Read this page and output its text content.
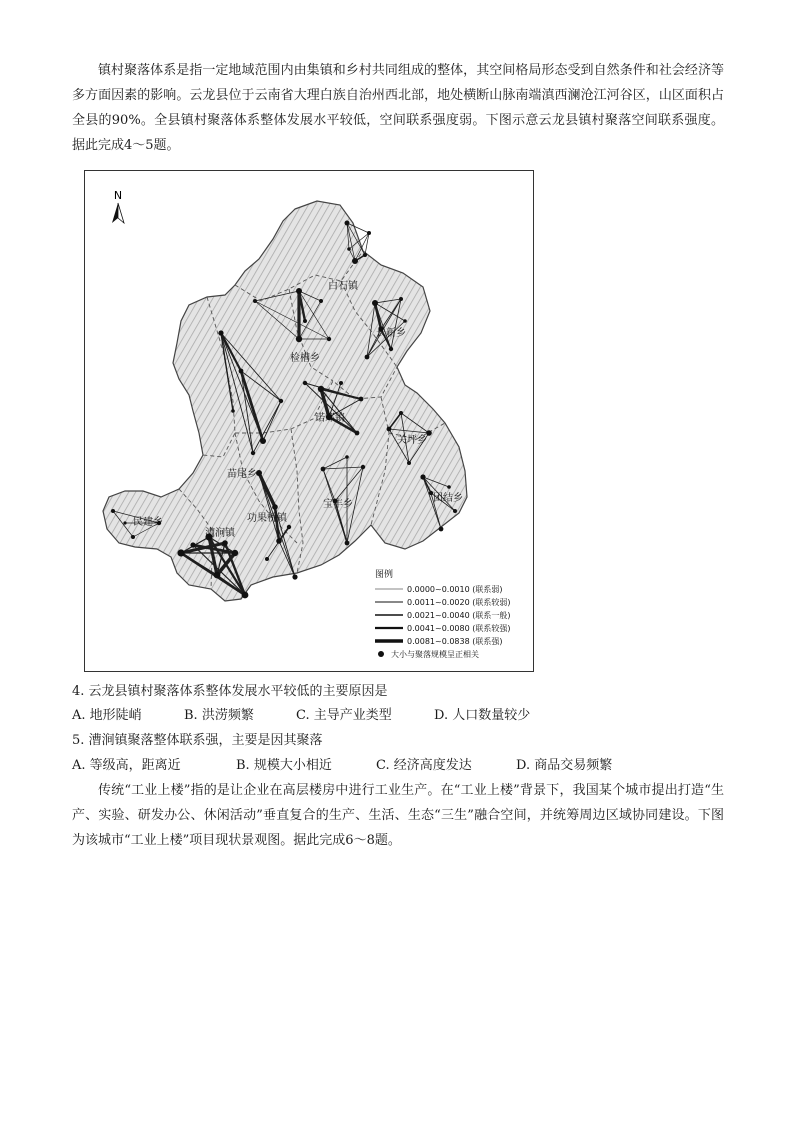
镇村聚落体系是指一定地域范围内由集镇和乡村共同组成的整体，其空间格局形态受到自然条件和社会经济等多方面因素的影响。云龙县位于云南省大理白族自治州西北部，地处横断山脉南端滇西澜沧江河谷区，山区面积占全县的90%。全县镇村聚落体系整体发展水平较低，空间联系强度弱。下图示意云龙县镇村聚落空间联系强度。据此完成4～5题。

N
白石镇
检槽乡
长新乡
诺邓镇
关坪乡
苗尾乡
宝丰乡
团结乡
民建乡
漕涧镇
功果桥镇
图例
0.0000~0.0010 (联系弱)
0.0011~0.0020 (联系较弱)
0.0021~0.0040 (联系一般)
0.0041~0.0080 (联系较强)
0.0081~0.0838 (联系强)
大小与聚落规模呈正相关

4. 云龙县镇村聚落体系整体发展水平较低的主要原因是

A. 地形陡峭	B. 洪涝频繁	C. 主导产业类型	D. 人口数量较少

5. 漕涧镇聚落整体联系强，主要是因其聚落

A. 等级高，距离近	B. 规模大小相近	C. 经济高度发达	D. 商品交易频繁

传统“工业上楼”指的是让企业在高层楼房中进行工业生产。在“工业上楼”背景下，我国某个城市提出打造“生产、实验、研发办公、休闲活动”垂直复合的生产、生活、生态“三生”融合空间，并统筹周边区域协同建设。下图为该城市“工业上楼”项目现状景观图。据此完成6～8题。
